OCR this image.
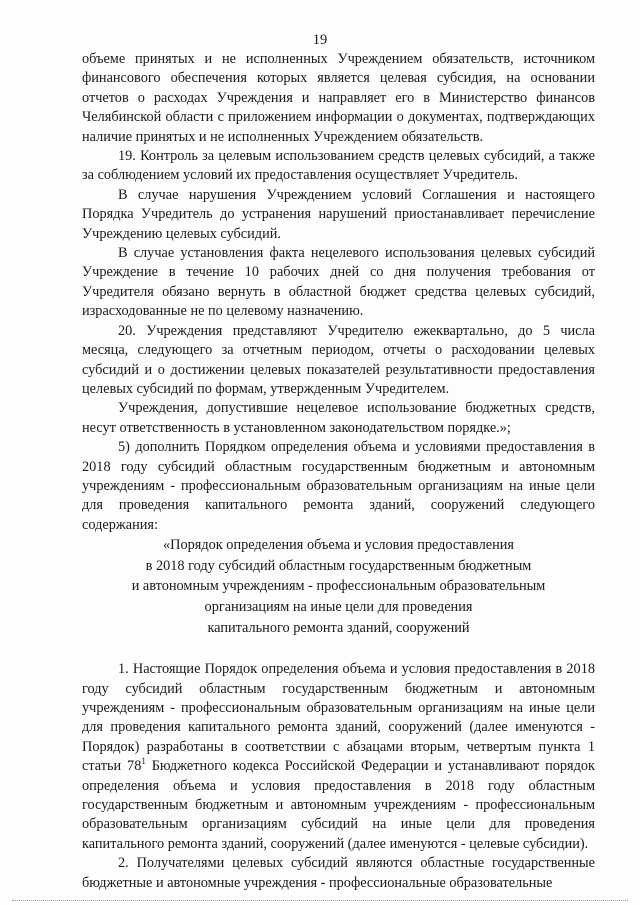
19

объеме принятых и не исполненных Учреждением обязательств, источником финансового обеспечения которых является целевая субсидия, на основании отчетов о расходах Учреждения и направляет его в Министерство финансов Челябинской области с приложением информации о документах, подтверждающих наличие принятых и не исполненных Учреждением обязательств.

19. Контроль за целевым использованием средств целевых субсидий, а также за соблюдением условий их предоставления осуществляет Учредитель.

В случае нарушения Учреждением условий Соглашения и настоящего Порядка Учредитель до устранения нарушений приостанавливает перечисление Учреждению целевых субсидий.

В случае установления факта нецелевого использования целевых субсидий Учреждение в течение 10 рабочих дней со дня получения требования от Учредителя обязано вернуть в областной бюджет средства целевых субсидий, израсходованные не по целевому назначению.

20. Учреждения представляют Учредителю ежеквартально, до 5 числа месяца, следующего за отчетным периодом, отчеты о расходовании целевых субсидий и о достижении целевых показателей результативности предоставления целевых субсидий по формам, утвержденным Учредителем.

Учреждения, допустившие нецелевое использование бюджетных средств, несут ответственность в установленном законодательством порядке.»;

5) дополнить Порядком определения объема и условиями предоставления в 2018 году субсидий областным государственным бюджетным и автономным учреждениям - профессиональным образовательным организациям на иные цели для проведения капитального ремонта зданий, сооружений следующего содержания:

«Порядок определения объема и условия предоставления

в 2018 году субсидий областным государственным бюджетным

и автономным учреждениям - профессиональным образовательным

организациям на иные цели для проведения

капитального ремонта зданий, сооружений

1. Настоящие Порядок определения объема и условия предоставления в 2018 году субсидий областным государственным бюджетным и автономным учреждениям - профессиональным образовательным организациям на иные цели для проведения капитального ремонта зданий, сооружений (далее именуются - Порядок) разработаны в соответствии с абзацами вторым, четвертым пункта 1 статьи $78^1$ Бюджетного кодекса Российской Федерации и устанавливают порядок определения объема и условия предоставления в 2018 году областным государственным бюджетным и автономным учреждениям - профессиональным образовательным организациям субсидий на иные цели для проведения капитального ремонта зданий, сооружений (далее именуются - целевые субсидии).

2. Получателями целевых субсидий являются областные государственные бюджетные и автономные учреждения - профессиональные образовательные
